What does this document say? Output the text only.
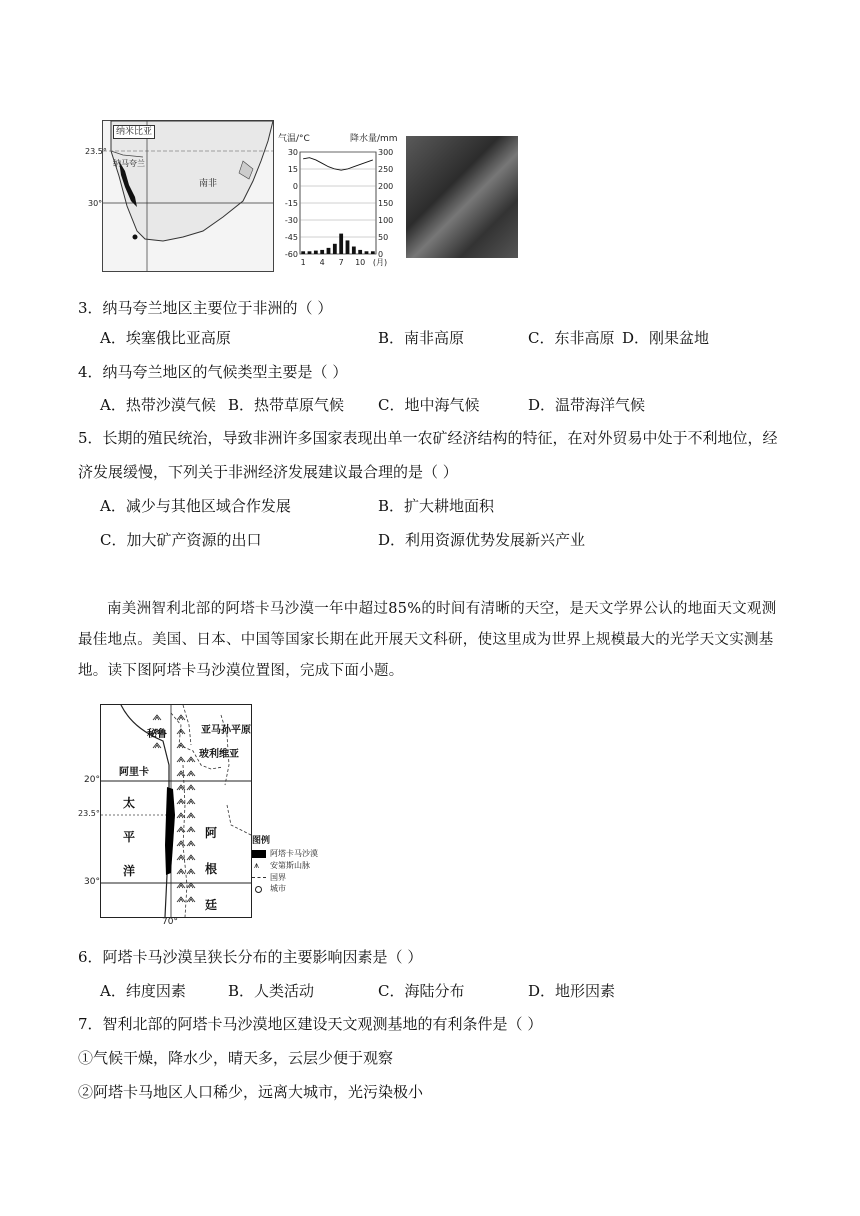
纳米比亚
23.5°
纳马夸兰
南非
30°
气温/°C	降水量/mm
30
15
0
-15
-30
-45
-60
300
250
200
150
100
50
0
1 4 7 10 (月)
3．纳马夸兰地区主要位于非洲的（ ）
A．埃塞俄比亚高原	B．南非高原	C．东非高原 D．刚果盆地
4．纳马夸兰地区的气候类型主要是（ ）
A．热带沙漠气候 B．热带草原气候 C．地中海气候	D．温带海洋气候
5．长期的殖民统治，导致非洲许多国家表现出单一农矿经济结构的特征，在对外贸易中处于不利地位，经
济发展缓慢，下列关于非洲经济发展建议最合理的是（ ）
A．减少与其他区域合作发展	B．扩大耕地面积
C．加大矿产资源的出口	D．利用资源优势发展新兴产业
南美洲智利北部的阿塔卡马沙漠一年中超过85%的时间有清晰的天空，是天文学界公认的地面天文观测最佳地点。美国、日本、中国等国家长期在此开展天文科研，使这里成为世界上规模最大的光学天文实测基地。读下图阿塔卡马沙漠位置图，完成下面小题。
秘鲁	亚马孙平原
玻利维亚
阿里卡
太
平
洋
阿
根
廷
20°
23.5°
30°
70°
图例
阿塔卡马沙漠
⩚ 安第斯山脉
国界
城市
6．阿塔卡马沙漠呈狭长分布的主要影响因素是（ ）
A．纬度因素	B．人类活动	C．海陆分布	D．地形因素
7．智利北部的阿塔卡马沙漠地区建设天文观测基地的有利条件是（ ）
①气候干燥，降水少，晴天多，云层少便于观察
②阿塔卡马地区人口稀少，远离大城市，光污染极小
